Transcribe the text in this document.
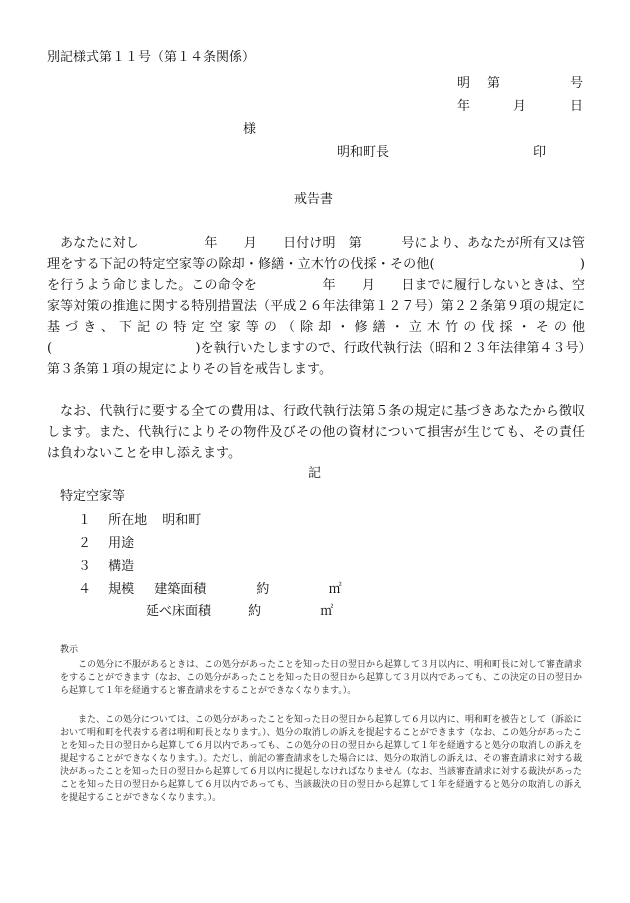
別記様式第１１号（第１４条関係）
明 第	号
年	月	日
様
明和町長	印
戒告書
あなたに対し　　　　　年　　月　　日付け明　第　　　号により、あなたが所有又は管理をする下記の特定空家等の除却・修繕・立木竹の伐採・その他(　　　　　　　　　　　)を行うよう命じました。この命令を　　　　　年　　月　　日までに履行しないときは、空家等対策の推進に関する特別措置法（平成２６年法律第１２７号）第２２条第９項の規定に基づき、下記の特定空家等の（除却・修繕・立木竹の伐採・その他(　　　　　　　　　　　)を執行いたしますので、行政代執行法（昭和２３年法律第４３号）第３条第１項の規定によりその旨を戒告します。
なお、代執行に要する全ての費用は、行政代執行法第５条の規定に基づきあなたから徴収します。また、代執行によりその物件及びその他の資材について損害が生じても、その責任は負わないことを申し添えます。
記
特定空家等
１ 所在地 明和町
２ 用途
３ 構造
４ 規模 建築面積	約	㎡
延べ床面積	約	㎡
教示
この処分に不服があるときは、この処分があったことを知った日の翌日から起算して３月以内に、明和町長に対して審査請求をすることができます（なお、この処分があったことを知った日の翌日から起算して３月以内であっても、この決定の日の翌日から起算して１年を経過すると審査請求をすることができなくなります。）。
また、この処分については、この処分があったことを知った日の翌日から起算して６月以内に、明和町を被告として（訴訟において明和町を代表する者は明和町長となります。）、処分の取消しの訴えを提起することができます（なお、この処分があったことを知った日の翌日から起算して６月以内であっても、この処分の日の翌日から起算して１年を経過すると処分の取消しの訴えを提起することができなくなります。）。ただし、前記の審査請求をした場合には、処分の取消しの訴えは、その審査請求に対する裁決があったことを知った日の翌日から起算して６月以内に提起しなければなりません（なお、当該審査請求に対する裁決があったことを知った日の翌日から起算して６月以内であっても、当該裁決の日の翌日から起算して１年を経過すると処分の取消しの訴えを提起することができなくなります。）。
